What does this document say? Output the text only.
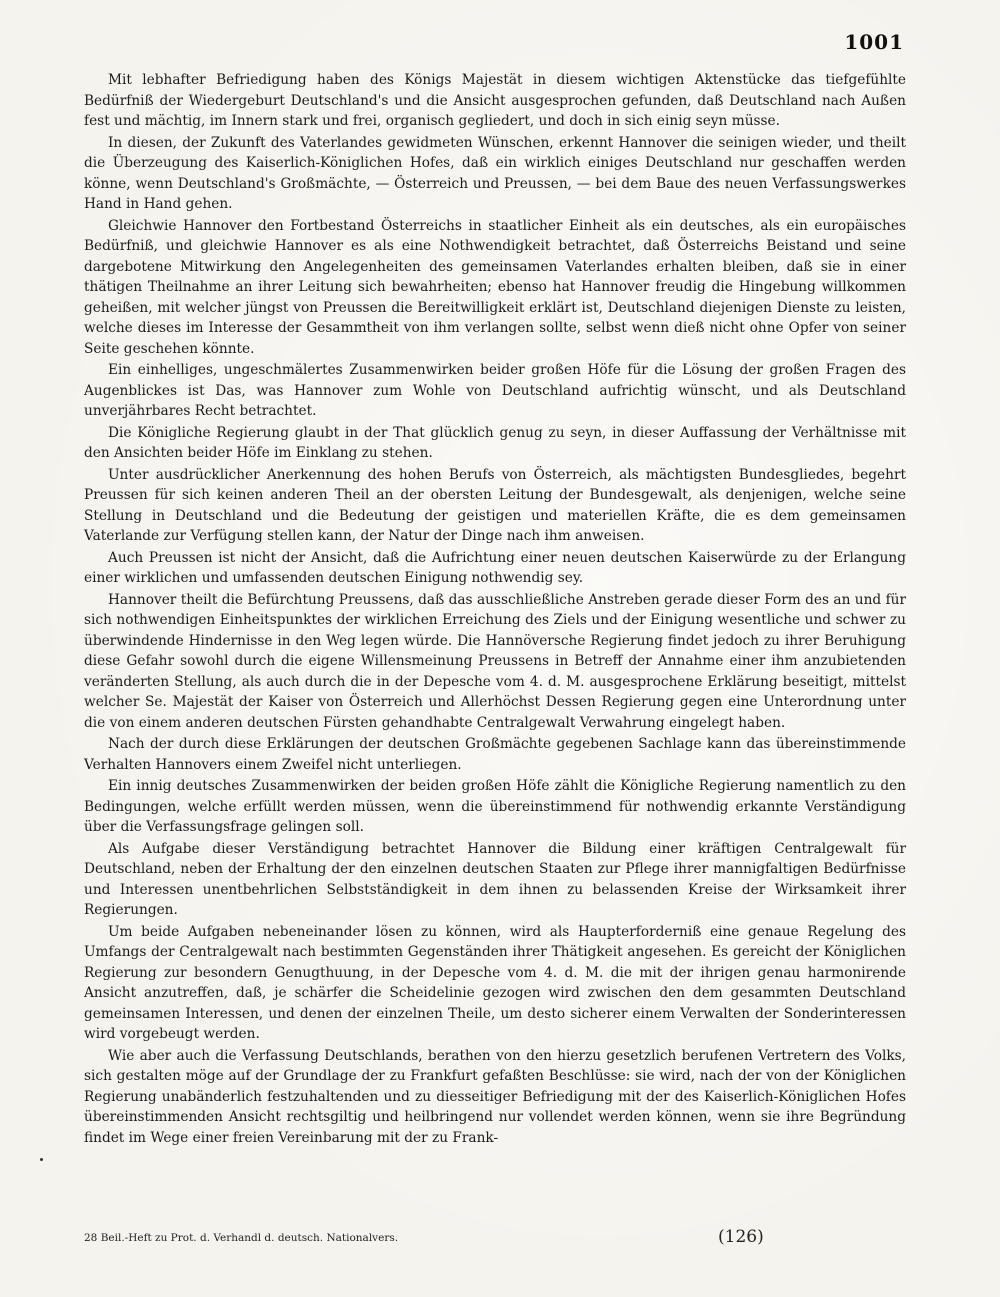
1001

Mit lebhafter Befriedigung haben des Königs Majestät in diesem wichtigen Aktenstücke das tiefgefühlte Bedürfniß der Wiedergeburt Deutschland's und die Ansicht ausgesprochen gefunden, daß Deutschland nach Außen fest und mächtig, im Innern stark und frei, organisch gegliedert, und doch in sich einig seyn müsse.

In diesen, der Zukunft des Vaterlandes gewidmeten Wünschen, erkennt Hannover die seinigen wieder, und theilt die Überzeugung des Kaiserlich-Königlichen Hofes, daß ein wirklich einiges Deutschland nur geschaffen werden könne, wenn Deutschland's Großmächte, — Österreich und Preussen, — bei dem Baue des neuen Verfassungswerkes Hand in Hand gehen.

Gleichwie Hannover den Fortbestand Österreichs in staatlicher Einheit als ein deutsches, als ein europäisches Bedürfniß, und gleichwie Hannover es als eine Nothwendigkeit betrachtet, daß Österreichs Beistand und seine dargebotene Mitwirkung den Angelegenheiten des gemeinsamen Vaterlandes erhalten bleiben, daß sie in einer thätigen Theilnahme an ihrer Leitung sich bewahrheiten; ebenso hat Hannover freudig die Hingebung willkommen geheißen, mit welcher jüngst von Preussen die Bereitwilligkeit erklärt ist, Deutschland diejenigen Dienste zu leisten, welche dieses im Interesse der Gesammtheit von ihm verlangen sollte, selbst wenn dieß nicht ohne Opfer von seiner Seite geschehen könnte.

Ein einhelliges, ungeschmälertes Zusammenwirken beider großen Höfe für die Lösung der großen Fragen des Augenblickes ist Das, was Hannover zum Wohle von Deutschland aufrichtig wünscht, und als Deutschland unverjährbares Recht betrachtet.

Die Königliche Regierung glaubt in der That glücklich genug zu seyn, in dieser Auffassung der Verhältnisse mit den Ansichten beider Höfe im Einklang zu stehen.

Unter ausdrücklicher Anerkennung des hohen Berufs von Österreich, als mächtigsten Bundesgliedes, begehrt Preussen für sich keinen anderen Theil an der obersten Leitung der Bundesgewalt, als denjenigen, welche seine Stellung in Deutschland und die Bedeutung der geistigen und materiellen Kräfte, die es dem gemeinsamen Vaterlande zur Verfügung stellen kann, der Natur der Dinge nach ihm anweisen.

Auch Preussen ist nicht der Ansicht, daß die Aufrichtung einer neuen deutschen Kaiserwürde zu der Erlangung einer wirklichen und umfassenden deutschen Einigung nothwendig sey.

Hannover theilt die Befürchtung Preussens, daß das ausschließliche Anstreben gerade dieser Form des an und für sich nothwendigen Einheitspunktes der wirklichen Erreichung des Ziels und der Einigung wesentliche und schwer zu überwindende Hindernisse in den Weg legen würde. Die Hannöversche Regierung findet jedoch zu ihrer Beruhigung diese Gefahr sowohl durch die eigene Willensmeinung Preussens in Betreff der Annahme einer ihm anzubietenden veränderten Stellung, als auch durch die in der Depesche vom 4. d. M. ausgesprochene Erklärung beseitigt, mittelst welcher Se. Majestät der Kaiser von Österreich und Allerhöchst Dessen Regierung gegen eine Unterordnung unter die von einem anderen deutschen Fürsten gehandhabte Centralgewalt Verwahrung eingelegt haben.

Nach der durch diese Erklärungen der deutschen Großmächte gegebenen Sachlage kann das übereinstimmende Verhalten Hannovers einem Zweifel nicht unterliegen.

Ein innig deutsches Zusammenwirken der beiden großen Höfe zählt die Königliche Regierung namentlich zu den Bedingungen, welche erfüllt werden müssen, wenn die übereinstimmend für nothwendig erkannte Verständigung über die Verfassungsfrage gelingen soll.

Als Aufgabe dieser Verständigung betrachtet Hannover die Bildung einer kräftigen Centralgewalt für Deutschland, neben der Erhaltung der den einzelnen deutschen Staaten zur Pflege ihrer mannigfaltigen Bedürfnisse und Interessen unentbehrlichen Selbstständigkeit in dem ihnen zu belassenden Kreise der Wirksamkeit ihrer Regierungen.

Um beide Aufgaben nebeneinander lösen zu können, wird als Haupterforderniß eine genaue Regelung des Umfangs der Centralgewalt nach bestimmten Gegenständen ihrer Thätigkeit angesehen. Es gereicht der Königlichen Regierung zur besondern Genugthuung, in der Depesche vom 4. d. M. die mit der ihrigen genau harmonirende Ansicht anzutreffen, daß, je schärfer die Scheidelinie gezogen wird zwischen den dem gesammten Deutschland gemeinsamen Interessen, und denen der einzelnen Theile, um desto sicherer einem Verwalten der Sonderinteressen wird vorgebeugt werden.

Wie aber auch die Verfassung Deutschlands, berathen von den hierzu gesetzlich berufenen Vertretern des Volks, sich gestalten möge auf der Grundlage der zu Frankfurt gefaßten Beschlüsse: sie wird, nach der von der Königlichen Regierung unabänderlich festzuhaltenden und zu diesseitiger Befriedigung mit der des Kaiserlich-Königlichen Hofes übereinstimmenden Ansicht rechtsgiltig und heilbringend nur vollendet werden können, wenn sie ihre Begründung findet im Wege einer freien Vereinbarung mit der zu Frank-

28 Beil.-Heft zu Prot. d. Verhandl d. deutsch. Nationalvers.	(126)
